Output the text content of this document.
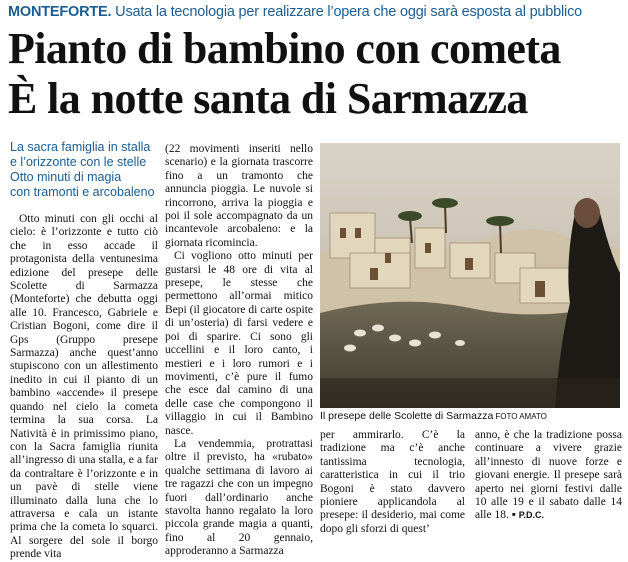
MONTEFORTE. Usata la tecnologia per realizzare l’opera che oggi sarà esposta al pubblico
Pianto di bambino con cometa
È la notte santa di Sarmazza
La sacra famiglia in stalla
e l’orizzonte con le stelle
Otto minuti di magia
con tramonti e arcobaleno

Otto minuti con gli occhi al cielo: è l’orizzonte e tutto ciò che in esso accade il protagonista della ventunesima edizione del presepe delle Scolette di Sarmazza (Monteforte) che debutta oggi alle 10. Francesco, Gabriele e Cristian Bogoni, come dire il Gps (Gruppo presepe Sarmazza) anche quest’anno stupiscono con un allestimento inedito in cui il pianto di un bambino «accende» il presepe quando nel cielo la cometa termina la sua corsa. La Natività è in primissimo piano, con la Sacra famiglia riunita all’ingresso di una stalla, e a far da contraltare è l’orizzonte e in un pavè di stelle viene illuminato dalla luna che lo attraversa e cala un istante prima che la cometa lo squarci. Al sorgere del sole il borgo prende vita

(22 movimenti inseriti nello scenario) e la giornata trascorre fino a un tramonto che annuncia pioggia. Le nuvole si rincorrono, arriva la pioggia e poi il sole accompagnato da un incantevole arcobaleno: e la giornata ricomincia.

Ci vogliono otto minuti per gustarsi le 48 ore di vita al presepe, le stesse che permettono all’ormai mitico Bepi (il giocatore di carte ospite di un’osteria) di farsi vedere e poi di sparire. Ci sono gli uccellini e il loro canto, i mestieri e i loro rumori e i movimenti, c’è pure il fumo che esce dal camino di una delle case che compongono il villaggio in cui il Bambino nasce.

La vendemmia, protrattasi oltre il previsto, ha «rubato» qualche settimana di lavoro ai tre ragazzi che con un impegno fuori dall’ordinario anche stavolta hanno regalato la loro piccola grande magia a quanti, fino al 20 gennaio, approderanno a Sarmazza

Il presepe delle Scolette di Sarmazza FOTO AMATO

per ammirarlo. C’è la tradizione ma c’è anche tantissima tecnologia, caratteristica in cui il trio Bogoni è stato davvero pioniere applicandola al presepe: il desiderio, mai come dopo gli sforzi di quest’

anno, è che la tradizione possa continuare a vivere grazie all’innesto di nuove forze e giovani energie. Il presepe sarà aperto nei giorni festivi dalle 10 alle 19 e il sabato dalle 14 alle 18. ▪ P.D.C.
